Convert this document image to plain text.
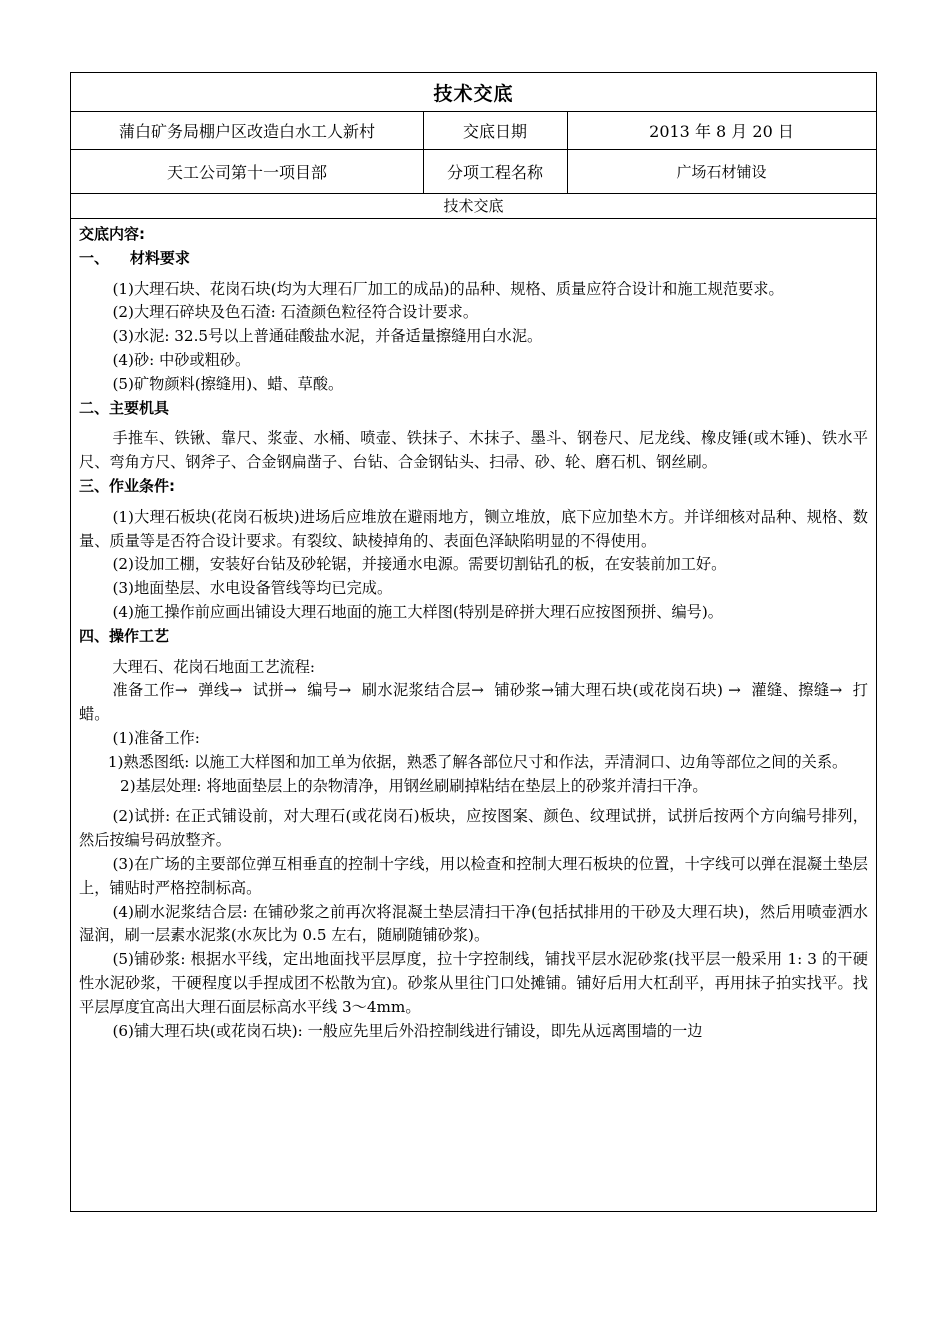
技术交底
蒲白矿务局棚户区改造白水工人新村	交底日期	2013 年 8 月 20 日
天工公司第十一项目部	分项工程名称	广场石材铺设
技术交底

交底内容:

一、    材料要求

(1)大理石块、花岗石块(均为大理石厂加工的成品)的品种、规格、质量应符合设计和施工规范要求。

(2)大理石碎块及色石渣: 石渣颜色粒径符合设计要求。

(3)水泥: 32.5号以上普通硅酸盐水泥，并备适量擦缝用白水泥。

(4)砂: 中砂或粗砂。

(5)矿物颜料(擦缝用)、蜡、草酸。

二、主要机具

手推车、铁锹、靠尺、浆壶、水桶、喷壶、铁抹子、木抹子、墨斗、钢卷尺、尼龙线、橡皮锤(或木锤)、铁水平尺、弯角方尺、钢斧子、合金钢扁凿子、台钻、合金钢钻头、扫帚、砂、轮、磨石机、钢丝刷。

三、作业条件:

(1)大理石板块(花岗石板块)进场后应堆放在避雨地方，铡立堆放，底下应加垫木方。并详细核对品种、规格、数量、质量等是否符合设计要求。有裂纹、缺棱掉角的、表面色泽缺陷明显的不得使用。

(2)设加工棚，安装好台钻及砂轮锯，并接通水电源。需要切割钻孔的板，在安装前加工好。

(3)地面垫层、水电设备管线等均已完成。

(4)施工操作前应画出铺设大理石地面的施工大样图(特别是碎拼大理石应按图预拼、编号)。

四、操作工艺

大理石、花岗石地面工艺流程:

准备工作→  弹线→  试拼→  编号→  刷水泥浆结合层→  铺砂浆→铺大理石块(或花岗石块) →  灌缝、擦缝→  打蜡。

(1)准备工作:

1)熟悉图纸: 以施工大样图和加工单为依据，熟悉了解各部位尺寸和作法，弄清洞口、边角等部位之间的关系。

2)基层处理: 将地面垫层上的杂物清净，用钢丝刷刷掉粘结在垫层上的砂浆并清扫干净。

(2)试拼: 在正式铺设前，对大理石(或花岗石)板块，应按图案、颜色、纹理试拼，试拼后按两个方向编号排列，然后按编号码放整齐。

(3)在广场的主要部位弹互相垂直的控制十字线，用以检查和控制大理石板块的位置，十字线可以弹在混凝土垫层上，铺贴时严格控制标高。

(4)刷水泥浆结合层: 在铺砂浆之前再次将混凝土垫层清扫干净(包括拭排用的干砂及大理石块)，然后用喷壶洒水湿润，刷一层素水泥浆(水灰比为 0.5 左右，随刷随铺砂浆)。

(5)铺砂浆: 根据水平线，定出地面找平层厚度，拉十字控制线，铺找平层水泥砂浆(找平层一般采用 1: 3 的干硬性水泥砂浆，干硬程度以手捏成团不松散为宜)。砂浆从里往门口处摊铺。铺好后用大杠刮平，再用抹子拍实找平。找平层厚度宜高出大理石面层标高水平线 3～4mm。

(6)铺大理石块(或花岗石块): 一般应先里后外沿控制线进行铺设，即先从远离围墙的一边
